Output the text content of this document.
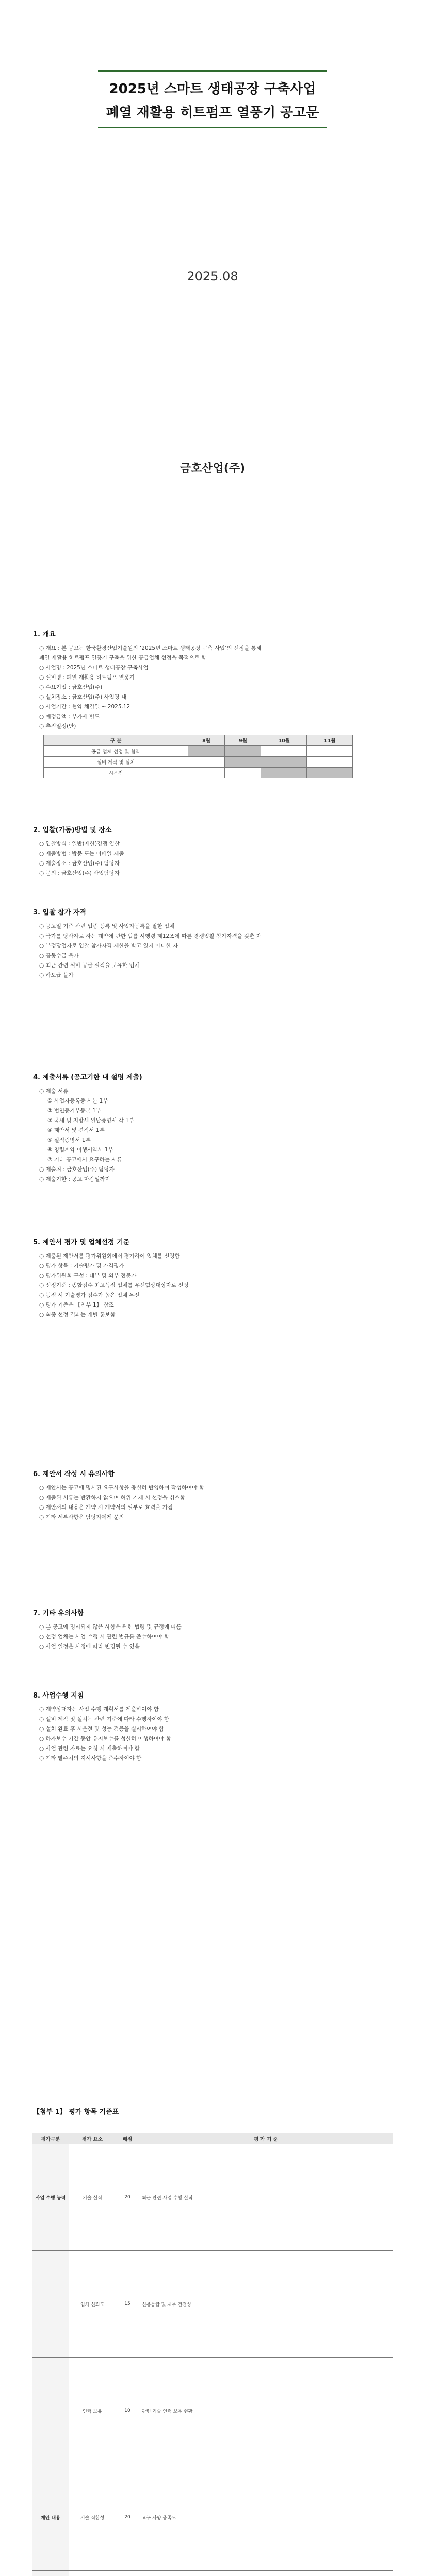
2025년 스마트 생태공장 구축사업
폐열 재활용 히트펌프 열풍기 공고문
2025.08
금호산업(주)
1. 개요
○ 개요 : 본 공고는 한국환경산업기술원의 ‘2025년 스마트 생태공장 구축 사업’의 선정을 통해
폐열 재활용 히트펌프 열풍기 구축을 위한 공급업체 선정을 목적으로 함
○ 사업명 : 2025년 스마트 생태공장 구축사업
○ 설비명 : 폐열 재활용 히트펌프 열풍기
○ 수요기업 : 금호산업(주)
○ 설치장소 : 금호산업(주) 사업장 내
○ 사업기간 : 협약 체결일 ~ 2025.12
○ 예정금액 : 부가세 별도
○ 추진일정(안)
구 분	8월	9월	10월	11월
공급 업체 선정 및 협약				
설비 제작 및 설치				
시운전				
2. 입찰(가동)방법 및 장소
○ 입찰방식 : 일반(제한)경쟁 입찰
○ 제출방법 : 방문 또는 이메일 제출
○ 제출장소 : 금호산업(주) 담당자
○ 문의 : 금호산업(주) 사업담당자
3. 입찰 참가 자격
○ 공고일 기준 관련 업종 등록 및 사업자등록을 필한 업체
○ 국가를 당사자로 하는 계약에 관한 법률 시행령 제12조에 따른 경쟁입찰 참가자격을 갖춘 자
○ 부정당업자로 입찰 참가자격 제한을 받고 있지 아니한 자
○ 공동수급 불가
○ 최근 관련 설비 공급 실적을 보유한 업체
○ 하도급 불가
4. 제출서류 (공고기한 내 설명 제출)
○ 제출 서류
① 사업자등록증 사본 1부
② 법인등기부등본 1부
③ 국세 및 지방세 완납증명서 각 1부
④ 제안서 및 견적서 1부
⑤ 실적증명서 1부
⑥ 청렴계약 이행서약서 1부
⑦ 기타 공고에서 요구하는 서류
○ 제출처 : 금호산업(주) 담당자
○ 제출기한 : 공고 마감일까지
5. 제안서 평가 및 업체선정 기준
○ 제출된 제안서를 평가위원회에서 평가하여 업체를 선정함
○ 평가 항목 : 기술평가 및 가격평가
○ 평가위원회 구성 : 내부 및 외부 전문가
○ 선정기준 : 종합점수 최고득점 업체를 우선협상대상자로 선정
○ 동점 시 기술평가 점수가 높은 업체 우선
○ 평가 기준은 【첨부 1】 참조
○ 최종 선정 결과는 개별 통보함
6. 제안서 작성 시 유의사항
○ 제안서는 공고에 명시된 요구사항을 충실히 반영하여 작성하여야 함
○ 제출된 서류는 반환하지 않으며 허위 기재 시 선정을 취소함
○ 제안서의 내용은 계약 시 계약서의 일부로 효력을 가짐
○ 기타 세부사항은 담당자에게 문의
7. 기타 유의사항
○ 본 공고에 명시되지 않은 사항은 관련 법령 및 규정에 따름
○ 선정 업체는 사업 수행 시 관련 법규를 준수하여야 함
○ 사업 일정은 사정에 따라 변경될 수 있음
8. 사업수행 지침
○ 계약상대자는 사업 수행 계획서를 제출하여야 함
○ 설비 제작 및 설치는 관련 기준에 따라 수행하여야 함
○ 설치 완료 후 시운전 및 성능 검증을 실시하여야 함
○ 하자보수 기간 동안 유지보수를 성실히 이행하여야 함
○ 사업 관련 자료는 요청 시 제출하여야 함
○ 기타 발주처의 지시사항을 준수하여야 함
【첨부 1】 평가 항목 기준표
평가구분	평가 요소	배점	평 가 기 준
사업 수행 능력	기술 실적	20	최근 관련 사업 수행 실적
	업체 신뢰도	15	신용등급 및 재무 건전성
	인력 보유	10	관련 기술 인력 보유 현황
제안 내용	기술 적합성	20	요구 사양 충족도
